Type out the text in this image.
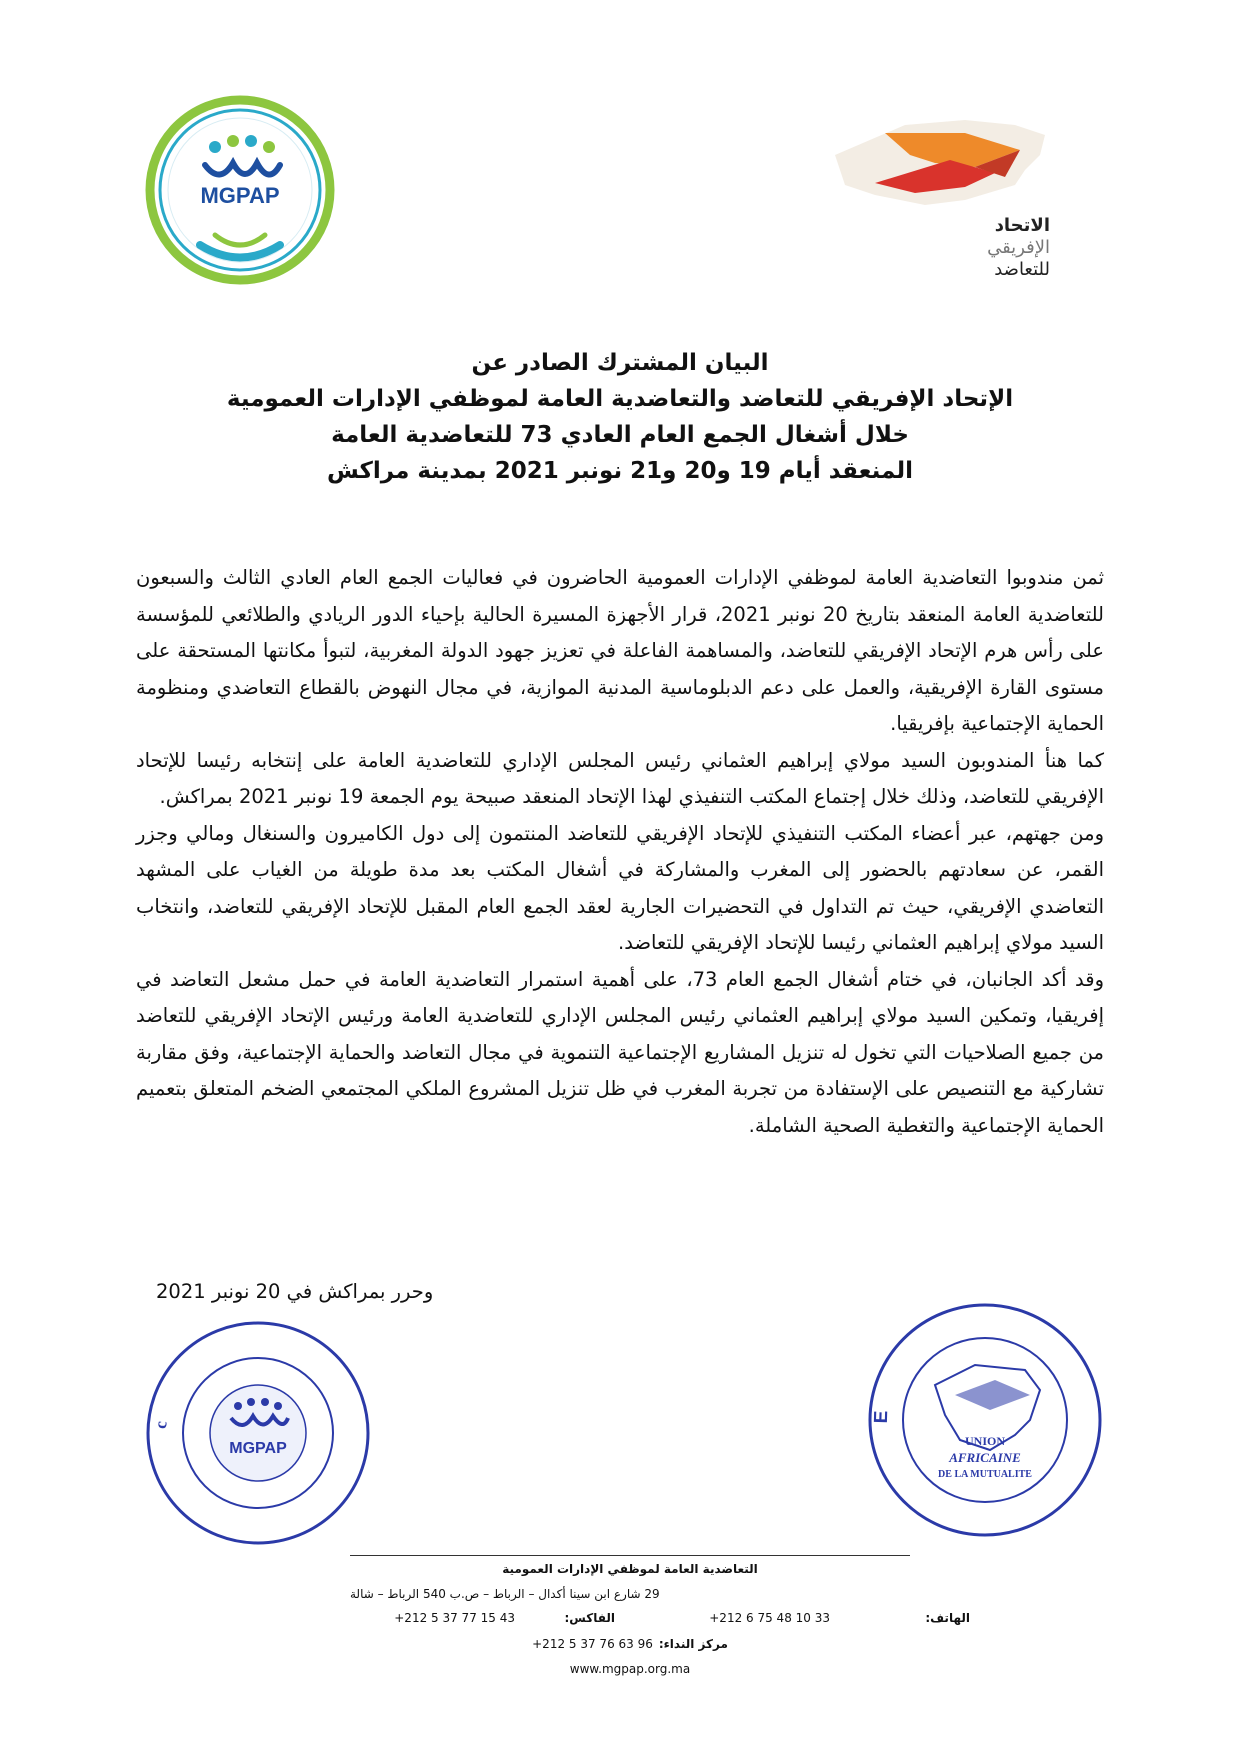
MGPAP
الاتحاد
الإفريقي
للتعاضد
البيان المشترك الصادر عن
الإتحاد الإفريقي للتعاضد والتعاضدية العامة لموظفي الإدارات العمومية
خلال أشغال الجمع العام العادي 73 للتعاضدية العامة
المنعقد أيام 19 و20 و21 نونبر 2021 بمدينة مراكش

ثمن مندوبوا التعاضدية العامة لموظفي الإدارات العمومية الحاضرون في فعاليات الجمع العام العادي الثالث والسبعون للتعاضدية العامة المنعقد بتاريخ 20 نونبر 2021، قرار الأجهزة المسيرة الحالية بإحياء الدور الريادي والطلائعي للمؤسسة على رأس هرم الإتحاد الإفريقي للتعاضد، والمساهمة الفاعلة في تعزيز جهود الدولة المغربية، لتبوأ مكانتها المستحقة على مستوى القارة الإفريقية، والعمل على دعم الدبلوماسية المدنية الموازية، في مجال النهوض بالقطاع التعاضدي ومنظومة الحماية الإجتماعية بإفريقيا.

كما هنأ المندوبون السيد مولاي إبراهيم العثماني رئيس المجلس الإداري للتعاضدية العامة على إنتخابه رئيسا للإتحاد الإفريقي للتعاضد، وذلك خلال إجتماع المكتب التنفيذي لهذا الإتحاد المنعقد صبيحة يوم الجمعة 19 نونبر 2021 بمراكش.

ومن جهتهم، عبر أعضاء المكتب التنفيذي للإتحاد الإفريقي للتعاضد المنتمون إلى دول الكاميرون والسنغال ومالي وجزر القمر، عن سعادتهم بالحضور إلى المغرب والمشاركة في أشغال المكتب بعد مدة طويلة من الغياب على المشهد التعاضدي الإفريقي، حيث تم التداول في التحضيرات الجارية لعقد الجمع العام المقبل للإتحاد الإفريقي للتعاضد، وانتخاب السيد مولاي إبراهيم العثماني رئيسا للإتحاد الإفريقي للتعاضد.

وقد أكد الجانبان، في ختام أشغال الجمع العام 73، على أهمية استمرار التعاضدية العامة في حمل مشعل التعاضد في إفريقيا، وتمكين السيد مولاي إبراهيم العثماني رئيس المجلس الإداري للتعاضدية العامة ورئيس الإتحاد الإفريقي للتعاضد من جميع الصلاحيات التي تخول له تنزيل المشاريع الإجتماعية التنموية في مجال التعاضد والحماية الإجتماعية، وفق مقاربة تشاركية مع التنصيص على الإستفادة من تجربة المغرب في ظل تنزيل المشروع الملكي المجتمعي الضخم المتعلق بتعميم الحماية الإجتماعية والتغطية الصحية الشاملة.

وحرر بمراكش في 20 نونبر 2021
c
MGPAP
E
UNION
AFRICAINE
DE LA MUTUALITE
التعاضدية العامة لموظفي الإدارات العمومية
29 شارع ابن سينا أكدال – الرباط – ص.ب 540 الرباط – شالة
الهاتف:
+212 6 75 48 10 33
الفاكس:
+212 5 37 77 15 43
مركز النداء:
+212 5 37 76 63 96
www.mgpap.org.ma
